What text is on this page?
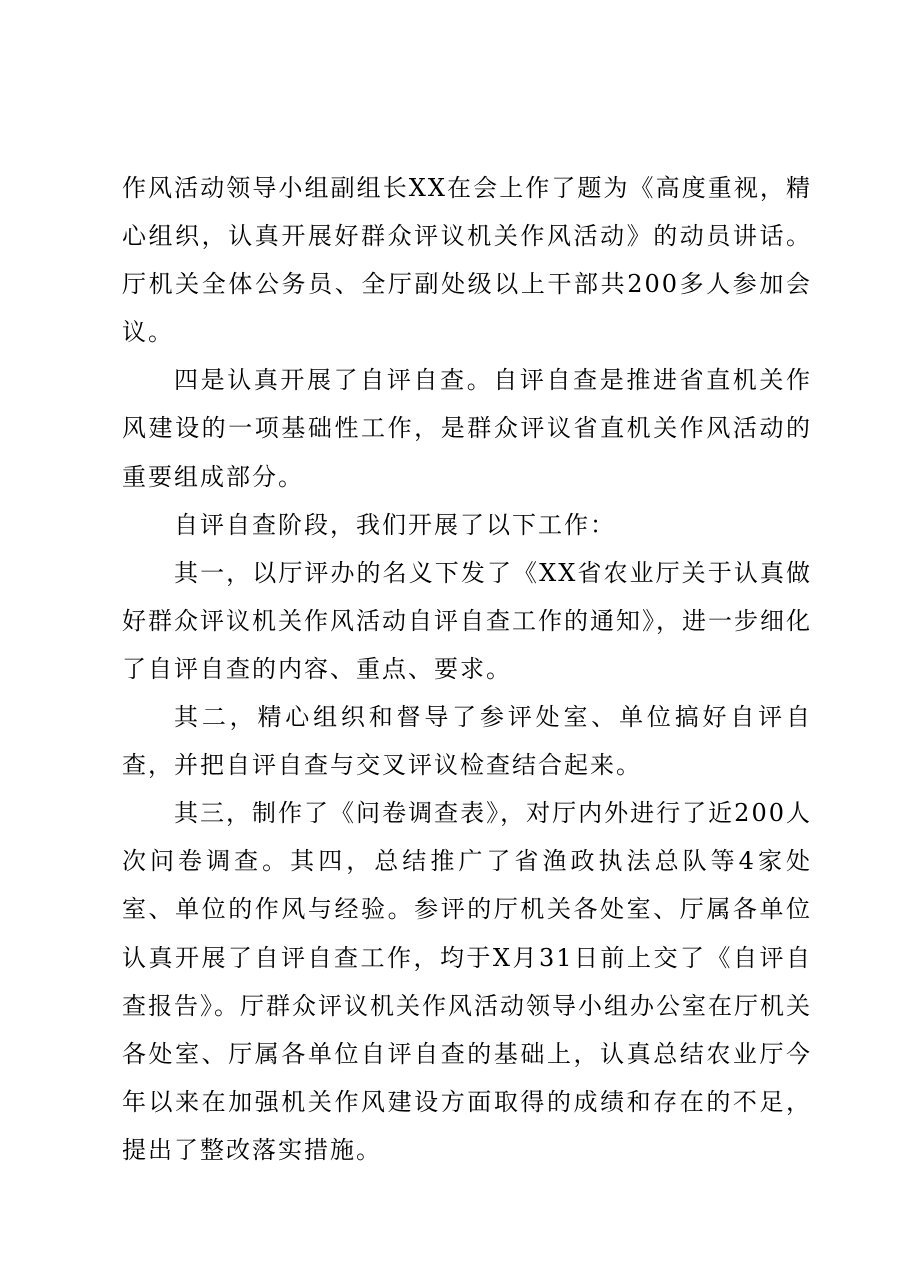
作风活动领导小组副组长XX在会上作了题为《高度重视，精心组织，认真开展好群众评议机关作风活动》的动员讲话。厅机关全体公务员、全厅副处级以上干部共200多人参加会议。

四是认真开展了自评自查。自评自查是推进省直机关作风建设的一项基础性工作，是群众评议省直机关作风活动的重要组成部分。

自评自查阶段，我们开展了以下工作：

其一，以厅评办的名义下发了《XX省农业厅关于认真做好群众评议机关作风活动自评自查工作的通知》，进一步细化了自评自查的内容、重点、要求。

其二，精心组织和督导了参评处室、单位搞好自评自查，并把自评自查与交叉评议检查结合起来。

其三，制作了《问卷调查表》，对厅内外进行了近200人次问卷调查。其四，总结推广了省渔政执法总队等4家处室、单位的作风与经验。参评的厅机关各处室、厅属各单位认真开展了自评自查工作，均于X月31日前上交了《自评自查报告》。厅群众评议机关作风活动领导小组办公室在厅机关各处室、厅属各单位自评自查的基础上，认真总结农业厅今年以来在加强机关作风建设方面取得的成绩和存在的不足，提出了整改落实措施。
